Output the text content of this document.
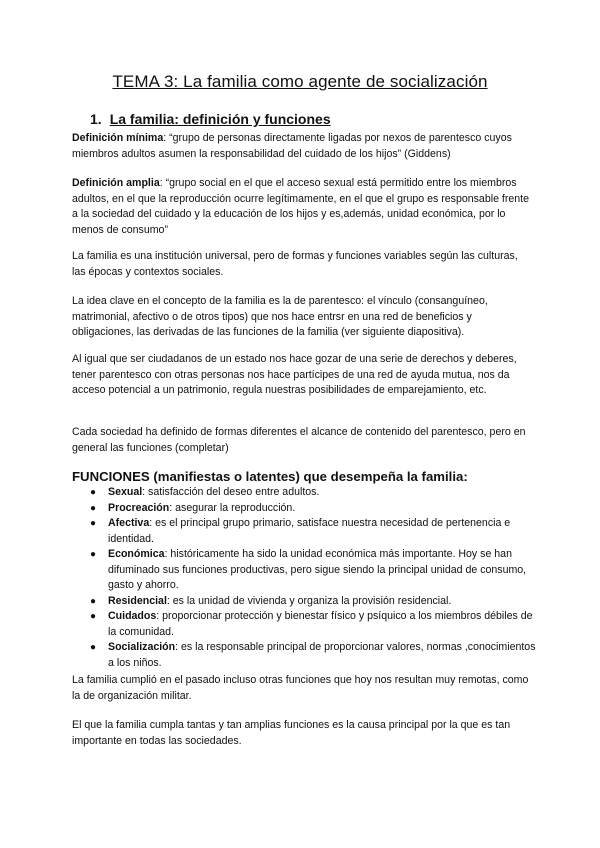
TEMA 3: La familia como agente de socialización
1. La familia: definición y funciones

Definición mínima: “grupo de personas directamente ligadas por nexos de parentesco cuyos miembros adultos asumen la responsabilidad del cuidado de los hijos” (Giddens)

Definición amplia: “grupo social en el que el acceso sexual está permitido entre los miembros adultos, en el que la reproducción ocurre legítimamente, en el que el grupo es responsable frente a la sociedad del cuidado y la educación de los hijos y es,además, unidad económica, por lo menos de consumo”

La familia es una institución universal, pero de formas y funciones variables según las culturas, las épocas y contextos sociales.

La idea clave en el concepto de la familia es la de parentesco: el vínculo (consanguíneo, matrimonial, afectivo o de otros tipos) que nos hace entrsr en una red de beneficios y obligaciones, las derivadas de las funciones de la familia (ver siguiente diapositiva).

Al igual que ser ciudadanos de un estado nos hace gozar de una serie de derechos y deberes, tener parentesco con otras personas nos hace partícipes de una red de ayuda mutua, nos da acceso potencial a un patrimonio, regula nuestras posibilidades de emparejamiento, etc.

Cada sociedad ha definido de formas diferentes el alcance de contenido del parentesco, pero en general las funciones (completar)

FUNCIONES (manifiestas o latentes) que desempeña la familia:
● Sexual: satisfacción del deseo entre adultos.
● Procreación: asegurar la reproducción.
● Afectiva: es el principal grupo primario, satisface nuestra necesidad de pertenencia e identidad.
● Económica: históricamente ha sido la unidad económica más importante. Hoy se han difuminado sus funciones productivas, pero sigue siendo la principal unidad de consumo, gasto y ahorro.
● Residencial: es la unidad de vivienda y organiza la provisión residencial.
● Cuidados: proporcionar protección y bienestar físico y psíquico a los miembros débiles de la comunidad.
● Socialización: es la responsable principal de proporcionar valores, normas ,conocimientos a los niños.

La familia cumplió en el pasado incluso otras funciones que hoy nos resultan muy remotas, como la de organización militar.

El que la familia cumpla tantas y tan amplias funciones es la causa principal por la que es tan importante en todas las sociedades.
